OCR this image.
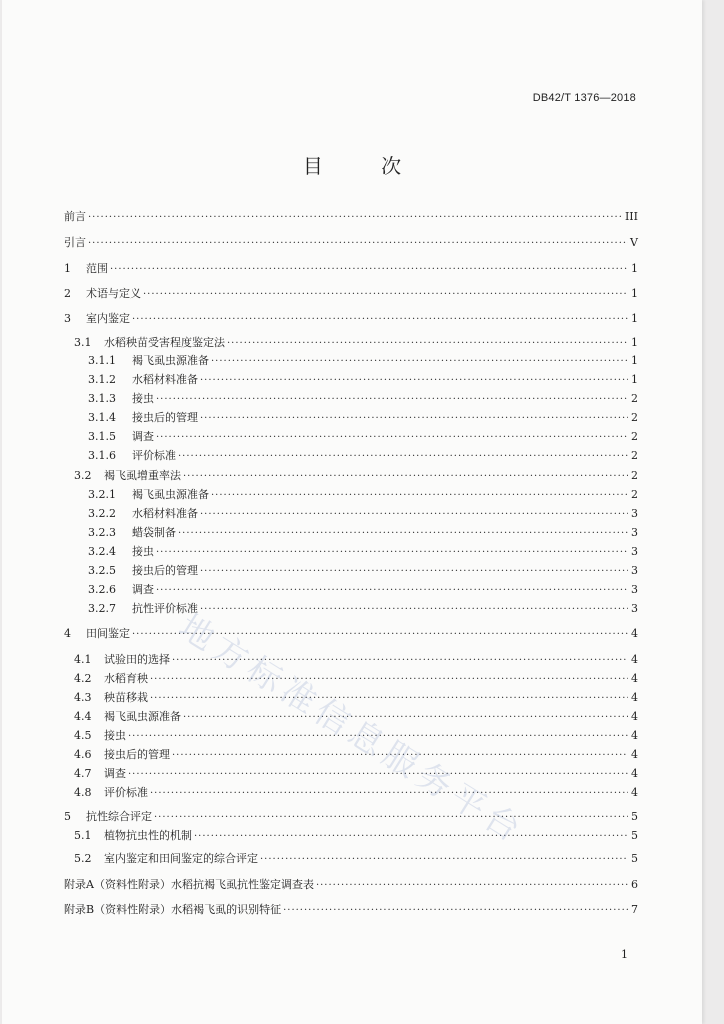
DB42/T 1376—2018
目 次
前言 ·····	III
引言 ·····	V
1	范围 ·····	1
2	术语与定义 ·····	1
3	室内鉴定 ·····	1
3.1	水稻秧苗受害程度鉴定法 ·····	1
3.1.1	褐飞虱虫源准备 ·····	1
3.1.2	水稻材料准备 ·····	1
3.1.3	接虫 ·····	2
3.1.4	接虫后的管理 ·····	2
3.1.5	调查 ·····	2
3.1.6	评价标准 ·····	2
3.2	褐飞虱增重率法 ·····	2
3.2.1	褐飞虱虫源准备 ·····	2
3.2.2	水稻材料准备 ·····	3
3.2.3	蜡袋制备 ·····	3
3.2.4	接虫 ·····	3
3.2.5	接虫后的管理 ·····	3
3.2.6	调查 ·····	3
3.2.7	抗性评价标准 ·····	3
4	田间鉴定 ·····	4
4.1	试验田的选择 ·····	4
4.2	水稻育秧 ·····	4
4.3	秧苗移栽 ·····	4
4.4	褐飞虱虫源准备 ·····	4
4.5	接虫 ·····	4
4.6	接虫后的管理 ·····	4
4.7	调查 ·····	4
4.8	评价标准 ·····	4
5	抗性综合评定 ·····	5
5.1	植物抗虫性的机制 ·····	5
5.2	室内鉴定和田间鉴定的综合评定 ·····	5
附录A（资料性附录）水稻抗褐飞虱抗性鉴定调查表 ·····	6
附录B（资料性附录）水稻褐飞虱的识别特征 ·····	7
地方标准信息服务平台
1
